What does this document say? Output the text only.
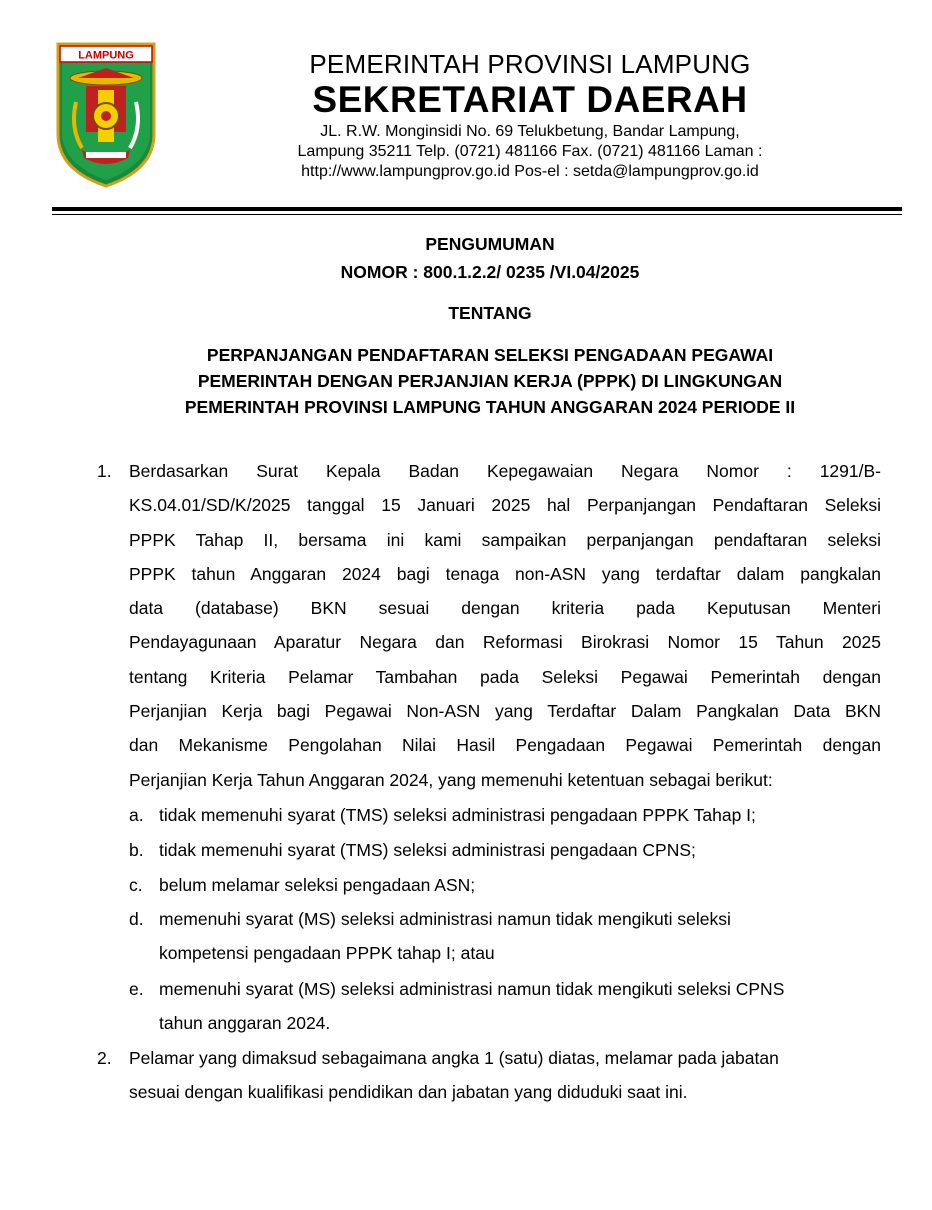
LAMPUNG	PEMERINTAH PROVINSI LAMPUNG
SEKRETARIAT DAERAH
JL. R.W. Monginsidi No. 69 Telukbetung, Bandar Lampung,
Lampung 35211 Telp. (0721) 481166 Fax. (0721) 481166 Laman :
http://www.lampungprov.go.id Pos-el : setda@lampungprov.go.id
PENGUMUMAN
NOMOR : 800.1.2.2/ 0235 /VI.04/2025
TENTANG
PERPANJANGAN PENDAFTARAN SELEKSI PENGADAAN PEGAWAI
PEMERINTAH DENGAN PERJANJIAN KERJA (PPPK) DI LINGKUNGAN
PEMERINTAH PROVINSI LAMPUNG TAHUN ANGGARAN 2024 PERIODE II
1. Berdasarkan Surat Kepala Badan Kepegawaian Negara Nomor : 1291/B-
KS.04.01/SD/K/2025 tanggal 15 Januari 2025 hal Perpanjangan Pendaftaran Seleksi
PPPK Tahap II, bersama ini kami sampaikan perpanjangan pendaftaran seleksi
PPPK tahun Anggaran 2024 bagi tenaga non-ASN yang terdaftar dalam pangkalan
data (database) BKN sesuai dengan kriteria pada Keputusan Menteri
Pendayagunaan Aparatur Negara dan Reformasi Birokrasi Nomor 15 Tahun 2025
tentang Kriteria Pelamar Tambahan pada Seleksi Pegawai Pemerintah dengan
Perjanjian Kerja bagi Pegawai Non-ASN yang Terdaftar Dalam Pangkalan Data BKN
dan Mekanisme Pengolahan Nilai Hasil Pengadaan Pegawai Pemerintah dengan
Perjanjian Kerja Tahun Anggaran 2024, yang memenuhi ketentuan sebagai berikut:
a. tidak memenuhi syarat (TMS) seleksi administrasi pengadaan PPPK Tahap I;
b. tidak memenuhi syarat (TMS) seleksi administrasi pengadaan CPNS;
c. belum melamar seleksi pengadaan ASN;
d. memenuhi syarat (MS) seleksi administrasi namun tidak mengikuti seleksi
kompetensi pengadaan PPPK tahap I; atau
e. memenuhi syarat (MS) seleksi administrasi namun tidak mengikuti seleksi CPNS
tahun anggaran 2024.
2. Pelamar yang dimaksud sebagaimana angka 1 (satu) diatas, melamar pada jabatan
sesuai dengan kualifikasi pendidikan dan jabatan yang diduduki saat ini.
